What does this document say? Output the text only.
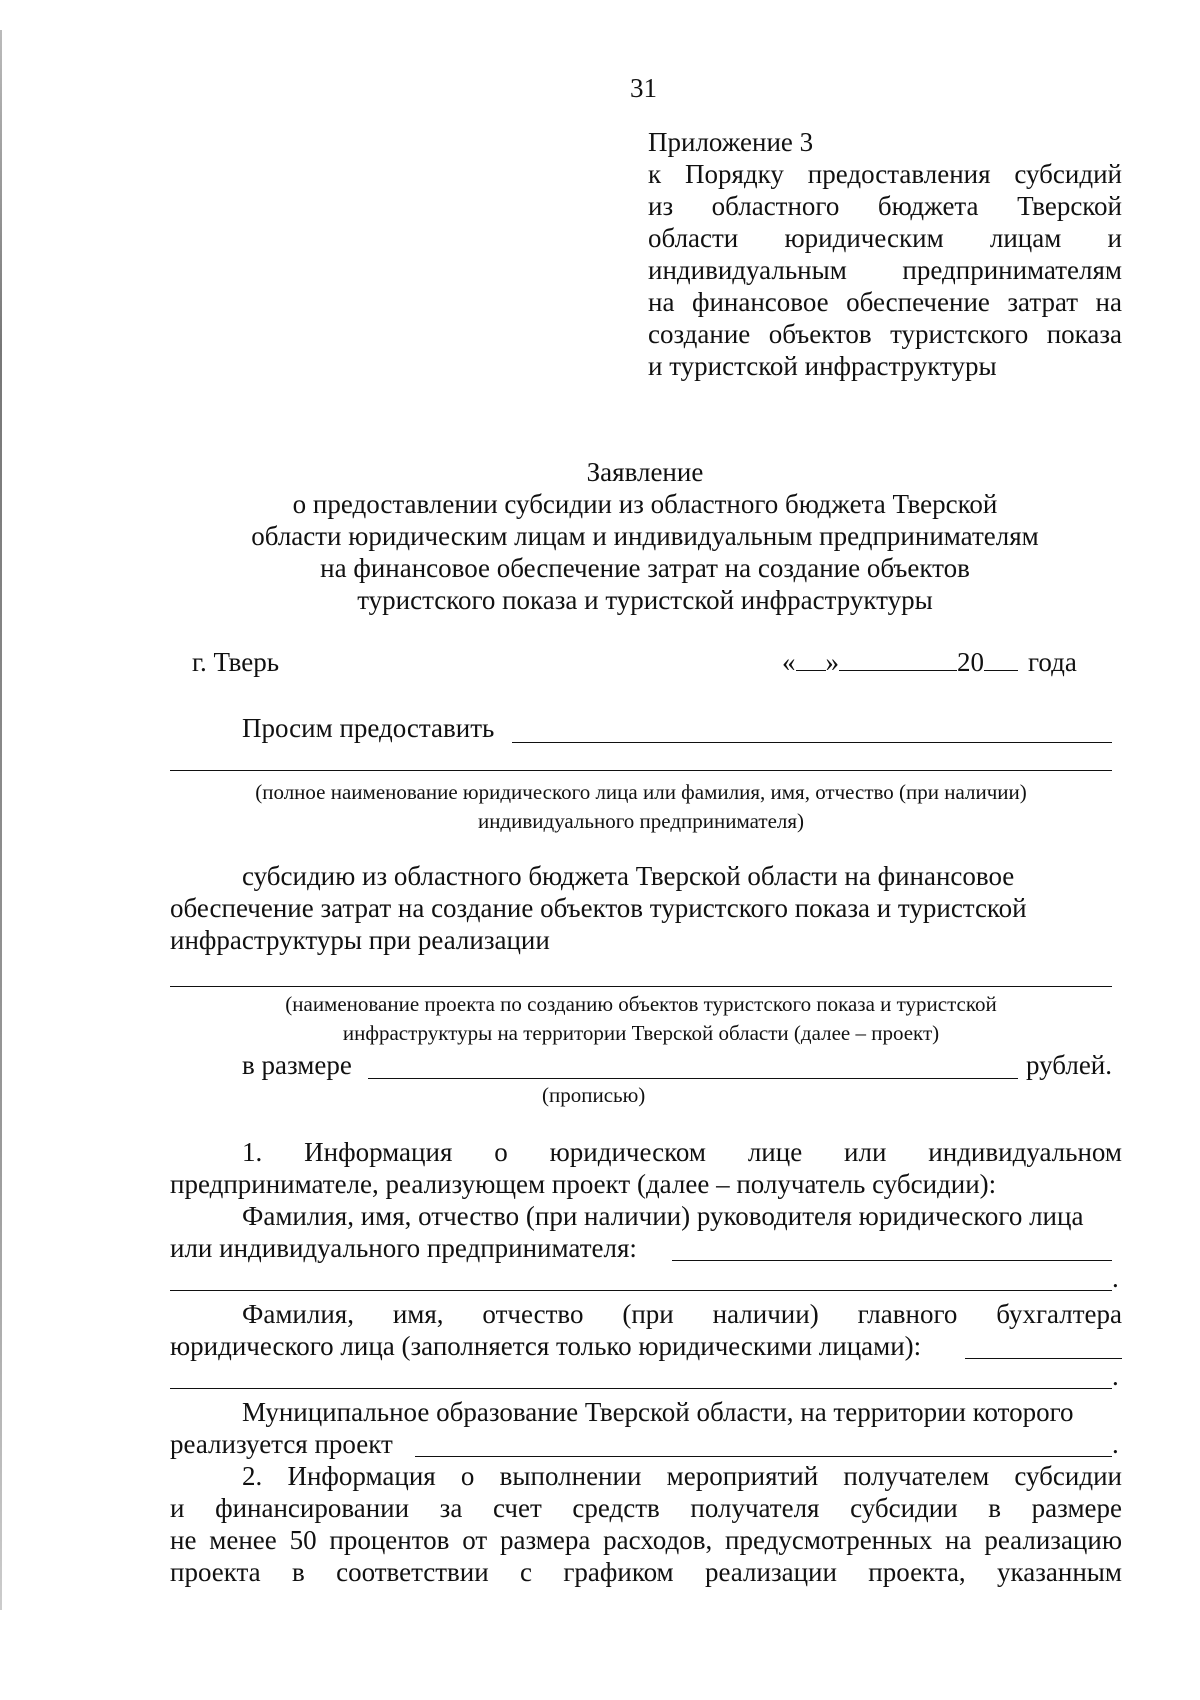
31
Приложение 3
к Порядку предоставления субсидий
из областного бюджета Тверской
области юридическим лицам и
индивидуальным предпринимателям
на финансовое обеспечение затрат на
создание объектов туристского показа
и туристской инфраструктуры
Заявление
о предоставлении субсидии из областного бюджета Тверской
области юридическим лицам и индивидуальным предпринимателям
на финансовое обеспечение затрат на создание объектов
туристского показа и туристской инфраструктуры
г. Тверь	« »	20 года
Просим предоставить
(полное наименование юридического лица или фамилия, имя, отчество (при наличии)
индивидуального предпринимателя)
субсидию из областного бюджета Тверской области на финансовое
обеспечение затрат на создание объектов туристского показа и туристской
инфраструктуры при реализации
(наименование проекта по созданию объектов туристского показа и туристской
инфраструктуры на территории Тверской области (далее – проект)
в размере	рублей.
(прописью)
1. Информация о юридическом лице или индивидуальном
предпринимателе, реализующем проект (далее – получатель субсидии):
Фамилия, имя, отчество (при наличии) руководителя юридического лица
или индивидуального предпринимателя:
.
Фамилия, имя, отчество (при наличии) главного бухгалтера
юридического лица (заполняется только юридическими лицами):
.
Муниципальное образование Тверской области, на территории которого
реализуется проект	.
2. Информация о выполнении мероприятий получателем субсидии
и финансировании за счет средств получателя субсидии в размере
не менее 50 процентов от размера расходов, предусмотренных на реализацию
проекта в соответствии с графиком реализации проекта, указанным
